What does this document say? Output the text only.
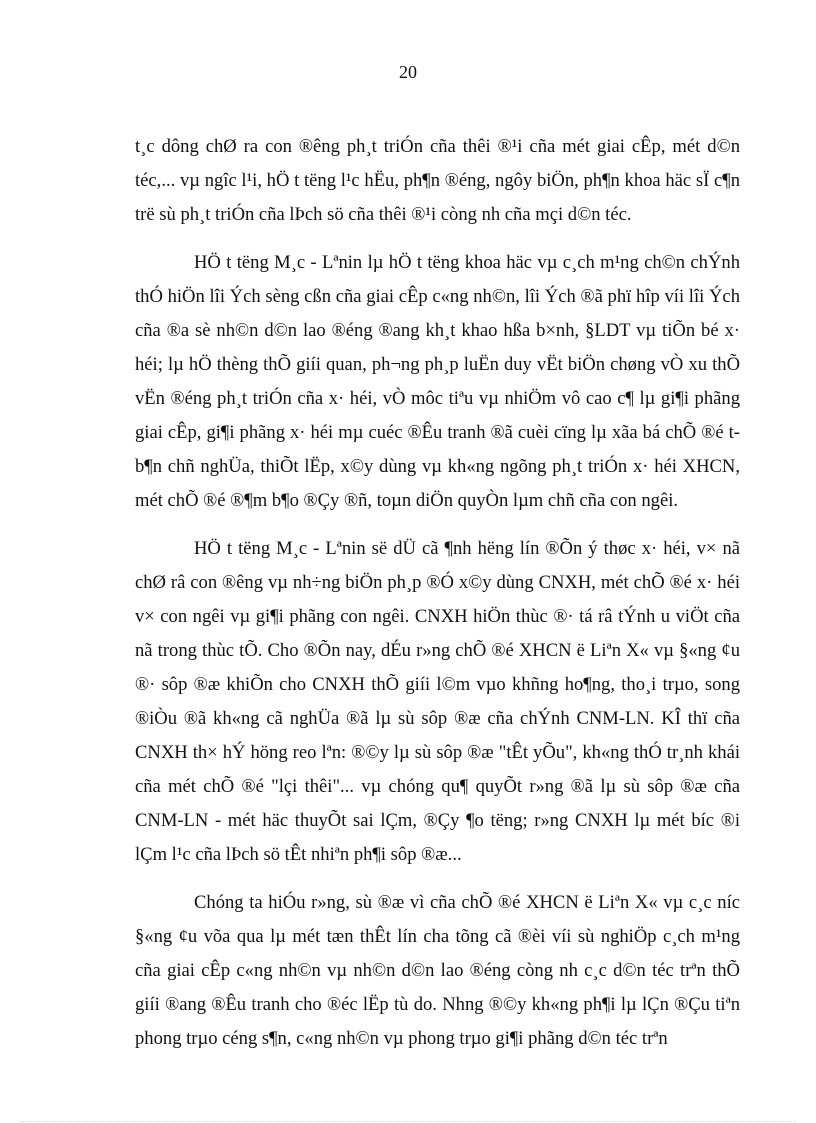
20

t¸c dông chØ ra con ®êng ph¸t triÓn cña thêi ®¹i cña mét giai cÊp, mét d©n téc,... vµ ngîc l¹i, hÖ t tëng l¹c hËu, ph¶n ®éng, ngôy biÖn, ph¶n khoa häc sÏ c¶n trë sù ph¸t triÓn cña lÞch sö cña thêi ®¹i còng nh cña mçi d©n téc.

HÖ t tëng M¸c - Lªnin lµ hÖ t tëng khoa häc vµ c¸ch m¹ng ch©n chÝnh thÓ hiÖn lîi Ých sèng cßn cña giai cÊp c«ng nh©n, lîi Ých ®ã phï hîp víi lîi Ých cña ®a sè nh©n d©n lao ®éng ®ang kh¸t khao hßa b×nh, §LDT vµ tiÕn bé x· héi; lµ hÖ thèng thÕ giíi quan, ph¬ng ph¸p luËn duy vËt biÖn chøng vÒ xu thÕ vËn ®éng ph¸t triÓn cña x· héi, vÒ môc tiªu vµ nhiÖm vô cao c¶ lµ gi¶i phãng giai cÊp, gi¶i phãng x· héi mµ cuéc ®Êu tranh ®ã cuèi cïng lµ xãa bá chÕ ®é t b¶n chñ nghÜa, thiÕt lËp, x©y dùng vµ kh«ng ngõng ph¸t triÓn x· héi XHCN, mét chÕ ®é ®¶m b¶o ®Çy ®ñ, toµn diÖn quyÒn lµm chñ cña con ngêi.

HÖ t tëng M¸c - Lªnin së dÜ cã ¶nh hëng lín ®Õn ý thøc x· héi, v× nã chØ râ con ®êng vµ nh÷ng biÖn ph¸p ®Ó x©y dùng CNXH, mét chÕ ®é x· héi v× con ngêi vµ gi¶i phãng con ngêi. CNXH hiÖn thùc ®· tá râ tÝnh u viÖt cña nã trong thùc tÕ. Cho ®Õn nay, dÉu r»ng chÕ ®é XHCN ë Liªn X« vµ §«ng ¢u ®· sôp ®æ khiÕn cho CNXH thÕ giíi l©m vµo khñng ho¶ng, tho¸i trµo, song ®iÒu ®ã kh«ng cã nghÜa ®ã lµ sù sôp ®æ cña chÝnh CNM-LN. KÎ thï cña CNXH th× hÝ höng reo lªn: ®©y lµ sù sôp ®æ "tÊt yÕu", kh«ng thÓ tr¸nh khái cña mét chÕ ®é "lçi thêi"... vµ chóng qu¶ quyÕt r»ng ®ã lµ sù sôp ®æ cña CNM-LN - mét häc thuyÕt sai lÇm, ®Çy ¶o tëng; r»ng CNXH lµ mét bíc ®i lÇm l¹c cña lÞch sö tÊt nhiªn ph¶i sôp ®æ...

Chóng ta hiÓu r»ng, sù ®æ vì cña chÕ ®é XHCN ë Liªn X« vµ c¸c níc §«ng ¢u võa qua lµ mét tæn thÊt lín cha tõng cã ®èi víi sù nghiÖp c¸ch m¹ng cña giai cÊp c«ng nh©n vµ nh©n d©n lao ®éng còng nh c¸c d©n téc trªn thÕ giíi ®ang ®Êu tranh cho ®éc lËp tù do. Nhng ®©y kh«ng ph¶i lµ lÇn ®Çu tiªn phong trµo céng s¶n, c«ng nh©n vµ phong trµo gi¶i phãng d©n téc trªn
